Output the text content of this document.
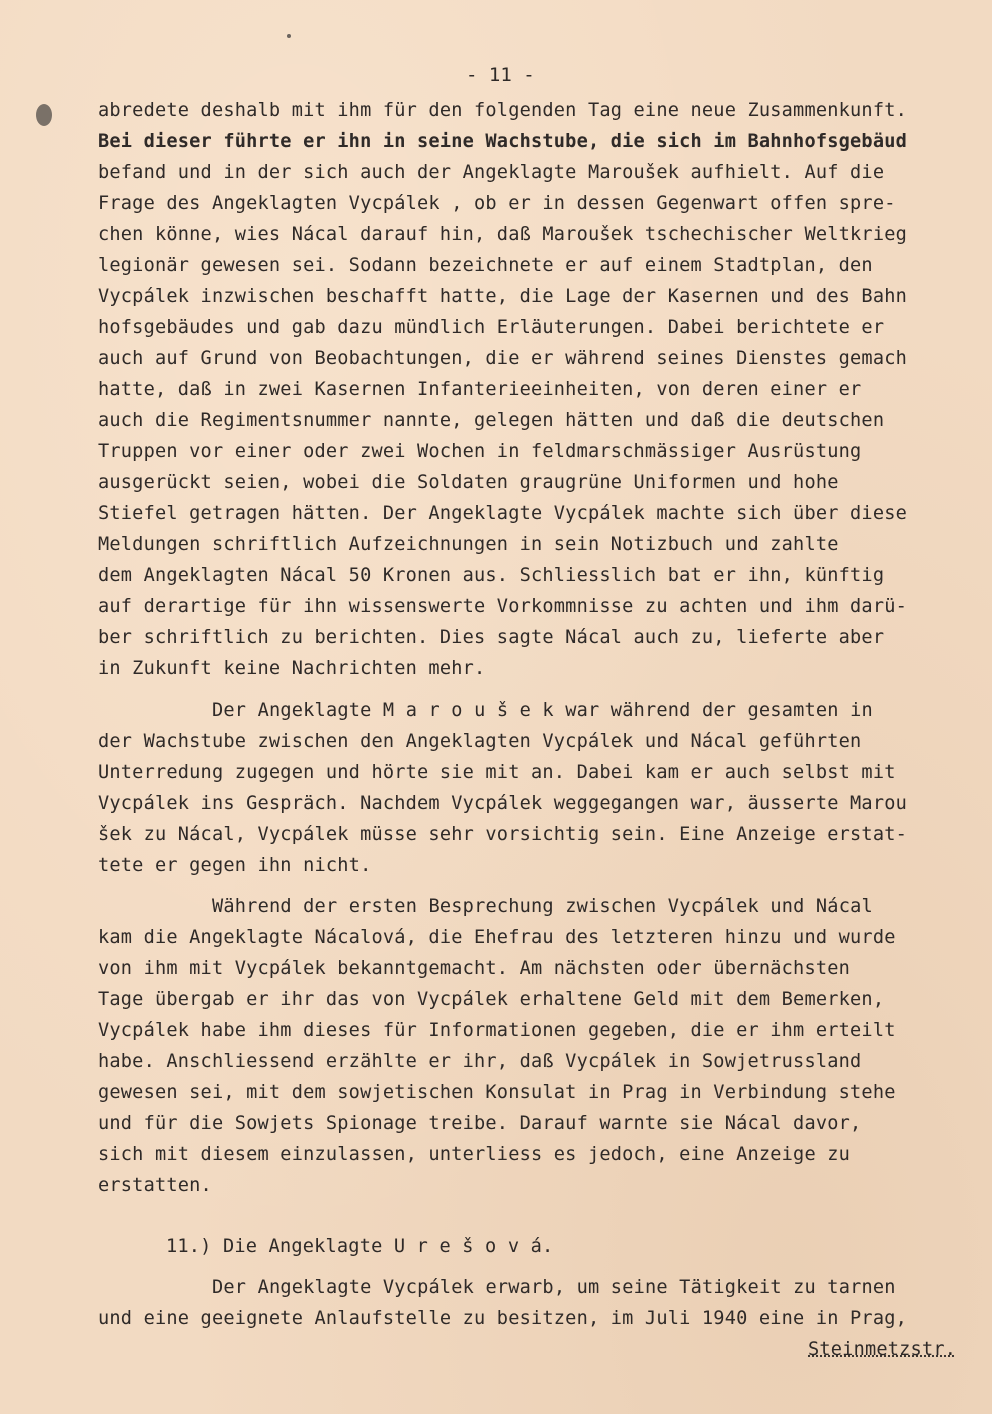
- 11 -
abredete deshalb mit ihm für den folgenden Tag eine neue Zusammenkunft.
Bei dieser führte er ihn in seine Wachstube, die sich im Bahnhofsgebäud
befand und in der sich auch der Angeklagte Maroušek aufhielt. Auf die
Frage des Angeklagten Vycpálek , ob er in dessen Gegenwart offen spre-
chen könne, wies Nácal darauf hin, daß Maroušek tschechischer Weltkrieg
legionär gewesen sei. Sodann bezeichnete er auf einem Stadtplan, den
Vycpálek inzwischen beschafft hatte, die Lage der Kasernen und des Bahn
hofsgebäudes und gab dazu mündlich Erläuterungen. Dabei berichtete er
auch auf Grund von Beobachtungen, die er während seines Dienstes gemach
hatte, daß in zwei Kasernen Infanterieeinheiten, von deren einer er
auch die Regimentsnummer nannte, gelegen hätten und daß die deutschen
Truppen vor einer oder zwei Wochen in feldmarschmässiger Ausrüstung
ausgerückt seien, wobei die Soldaten graugrüne Uniformen und hohe
Stiefel getragen hätten. Der Angeklagte Vycpálek machte sich über diese
Meldungen schriftlich Aufzeichnungen in sein Notizbuch und zahlte
dem Angeklagten Nácal 50 Kronen aus. Schliesslich bat er ihn, künftig
auf derartige für ihn wissenswerte Vorkommnisse zu achten und ihm darü-
ber schriftlich zu berichten. Dies sagte Nácal auch zu, lieferte aber
in Zukunft keine Nachrichten mehr.
Der Angeklagte M a r o u š e k war während der gesamten in
der Wachstube zwischen den Angeklagten Vycpálek und Nácal geführten
Unterredung zugegen und hörte sie mit an. Dabei kam er auch selbst mit
Vycpálek ins Gespräch. Nachdem Vycpálek weggegangen war, äusserte Marou
šek zu Nácal, Vycpálek müsse sehr vorsichtig sein. Eine Anzeige erstat-
tete er gegen ihn nicht.
Während der ersten Besprechung zwischen Vycpálek und Nácal
kam die Angeklagte Nácalová, die Ehefrau des letzteren hinzu und wurde
von ihm mit Vycpálek bekanntgemacht. Am nächsten oder übernächsten
Tage übergab er ihr das von Vycpálek erhaltene Geld mit dem Bemerken,
Vycpálek habe ihm dieses für Informationen gegeben, die er ihm erteilt
habe. Anschliessend erzählte er ihr, daß Vycpálek in Sowjetrussland
gewesen sei, mit dem sowjetischen Konsulat in Prag in Verbindung stehe
und für die Sowjets Spionage treibe. Darauf warnte sie Nácal davor,
sich mit diesem einzulassen, unterliess es jedoch, eine Anzeige zu
erstatten.
11.) Die Angeklagte U r e š o v á.
Der Angeklagte Vycpálek erwarb, um seine Tätigkeit zu tarnen
und eine geeignete Anlaufstelle zu besitzen, im Juli 1940 eine in Prag,
Steinmetzstr.
